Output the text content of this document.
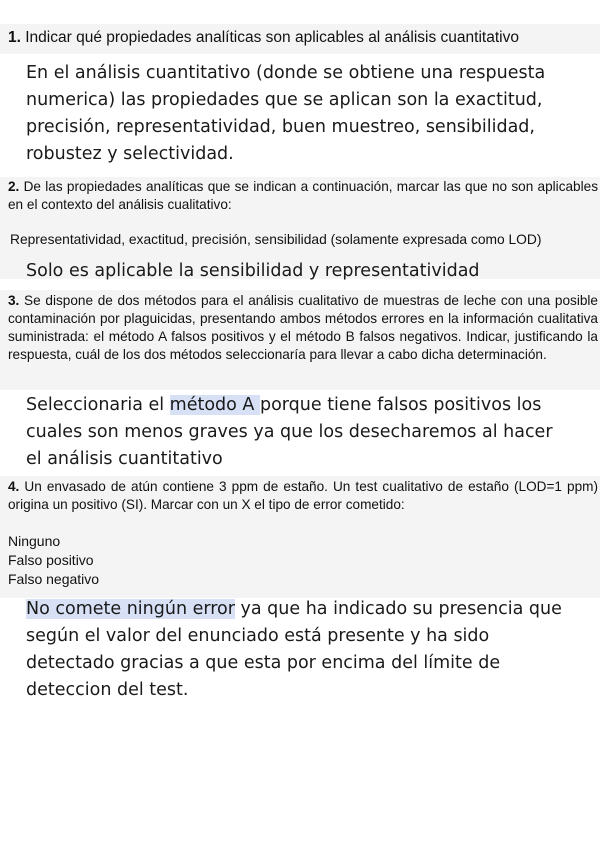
1. Indicar qué propiedades analíticas son aplicables al análisis cuantitativo
En el análisis cuantitativo (donde se obtiene una respuesta numerica) las propiedades que se aplican son la exactitud, precisión, representatividad, buen muestreo, sensibilidad, robustez y selectividad.
2. De las propiedades analíticas que se indican a continuación, marcar las que no son aplicables en el contexto del análisis cualitativo:
Representatividad, exactitud, precisión, sensibilidad (solamente expresada como LOD)
Solo es aplicable la sensibilidad y representatividad
3. Se dispone de dos métodos para el análisis cualitativo de muestras de leche con una posible contaminación por plaguicidas, presentando ambos métodos errores en la información cualitativa suministrada: el método A falsos positivos y el método B falsos negativos. Indicar, justificando la respuesta, cuál de los dos métodos seleccionaría para llevar a cabo dicha determinación.
Seleccionaria el método A porque tiene falsos positivos los cuales son menos graves ya que los desecharemos al hacer el análisis cuantitativo
4. Un envasado de atún contiene 3 ppm de estaño. Un test cualitativo de estaño (LOD=1 ppm) origina un positivo (SI). Marcar con un X el tipo de error cometido:
Ninguno
Falso positivo
Falso negativo
No comete ningún error ya que ha indicado su presencia que según el valor del enunciado está presente y ha sido detectado gracias a que esta por encima del límite de deteccion del test.
